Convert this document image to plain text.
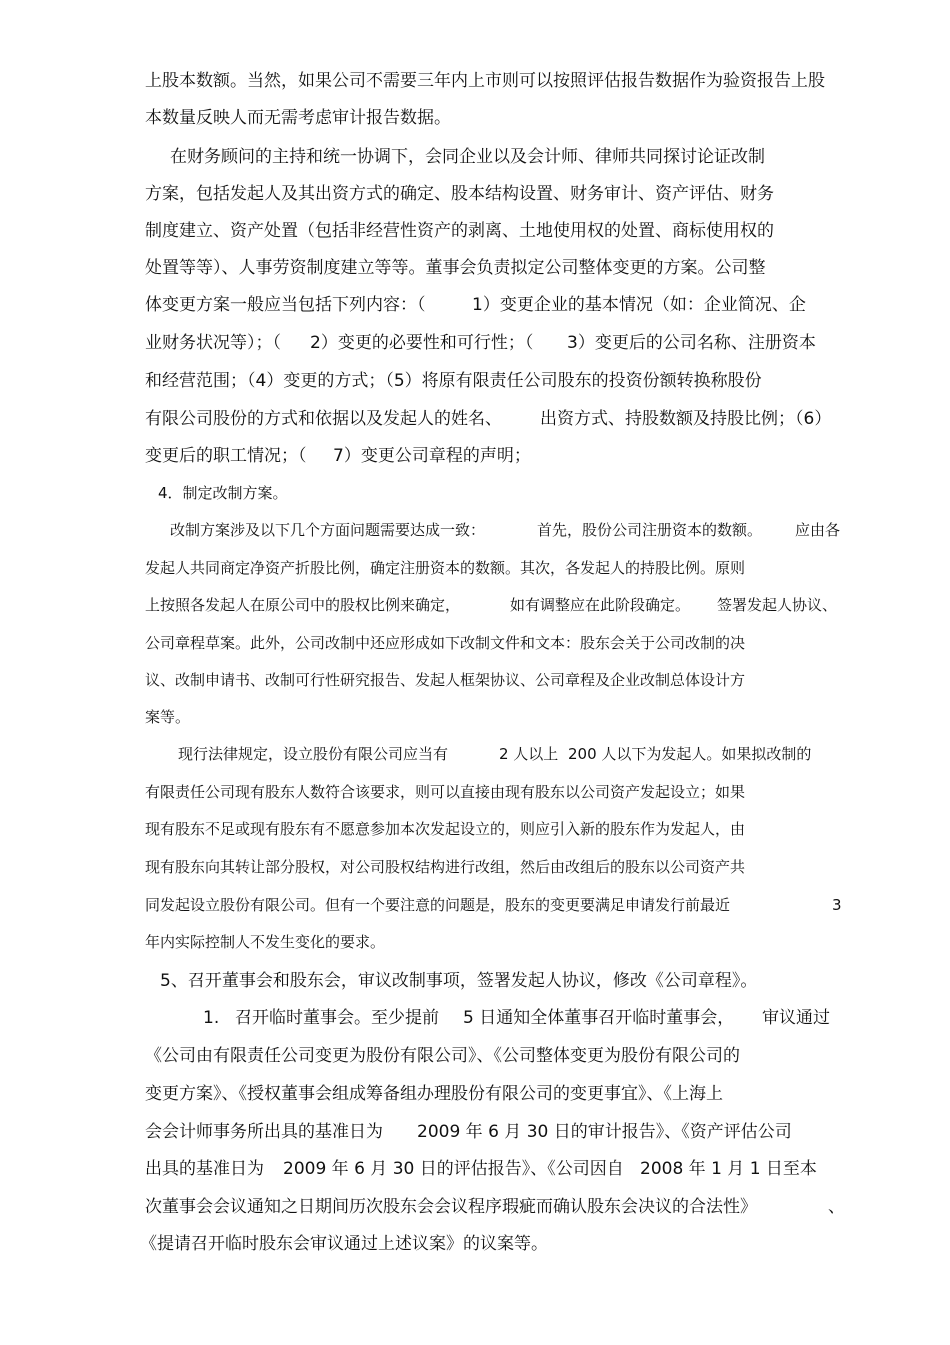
上股本数额。当然，如果公司不需要三年内上市则可以按照评估报告数据作为验资报告上股
本数量反映人而无需考虑审计报告数据。
在财务顾问的主持和统一协调下，会同企业以及会计师、律师共同探讨论证改制
方案，包括发起人及其出资方式的确定、股本结构设置、财务审计、资产评估、财务
制度建立、资产处置（包括非经营性资产的剥离、土地使用权的处置、商标使用权的
处置等等）、人事劳资制度建立等等。董事会负责拟定公司整体变更的方案。公司整
体变更方案一般应当包括下列内容：（	1）变更企业的基本情况（如：企业简况、企
业财务状况等）；（ 2）变更的必要性和可行性；（ 3）变更后的公司名称、注册资本
和经营范围；（4）变更的方式；（5）将原有限责任公司股东的投资份额转换称股份
有限公司股份的方式和依据以及发起人的姓名、 出资方式、持股数额及持股比例；（6）
变更后的职工情况；（ 7）变更公司章程的声明；
4．制定改制方案。
改制方案涉及以下几个方面问题需要达成一致：	首先，股份公司注册资本的数额。 应由各
发起人共同商定净资产折股比例，确定注册资本的数额。其次，各发起人的持股比例。原则
上按照各发起人在原公司中的股权比例来确定，	如有调整应在此阶段确定。 签署发起人协议、
公司章程草案。此外，公司改制中还应形成如下改制文件和文本：股东会关于公司改制的决
议、改制申请书、改制可行性研究报告、发起人框架协议、公司章程及企业改制总体设计方
案等。
现行法律规定，设立股份有限公司应当有	2 人以上 200 人以下为发起人。如果拟改制的
有限责任公司现有股东人数符合该要求，则可以直接由现有股东以公司资产发起设立；如果
现有股东不足或现有股东有不愿意参加本次发起设立的，则应引入新的股东作为发起人，由
现有股东向其转让部分股权，对公司股权结构进行改组，然后由改组后的股东以公司资产共
同发起设立股份有限公司。但有一个要注意的问题是，股东的变更要满足申请发行前最近	3
年内实际控制人不发生变化的要求。
5、召开董事会和股东会，审议改制事项，签署发起人协议，修改《公司章程》。
1. 召开临时董事会。至少提前 5 日通知全体董事召开临时董事会， 审议通过
《公司由有限责任公司变更为股份有限公司》、《公司整体变更为股份有限公司的
变更方案》、《授权董事会组成筹备组办理股份有限公司的变更事宜》、《上海上
会会计师事务所出具的基准日为 2009 年 6 月 30 日的审计报告》、《资产评估公司
出具的基准日为 2009 年 6 月 30 日的评估报告》、《公司因自 2008 年 1 月 1 日至本
次董事会会议通知之日期间历次股东会会议程序瑕疵而确认股东会决议的合法性》	、
《提请召开临时股东会审议通过上述议案》的议案等。
